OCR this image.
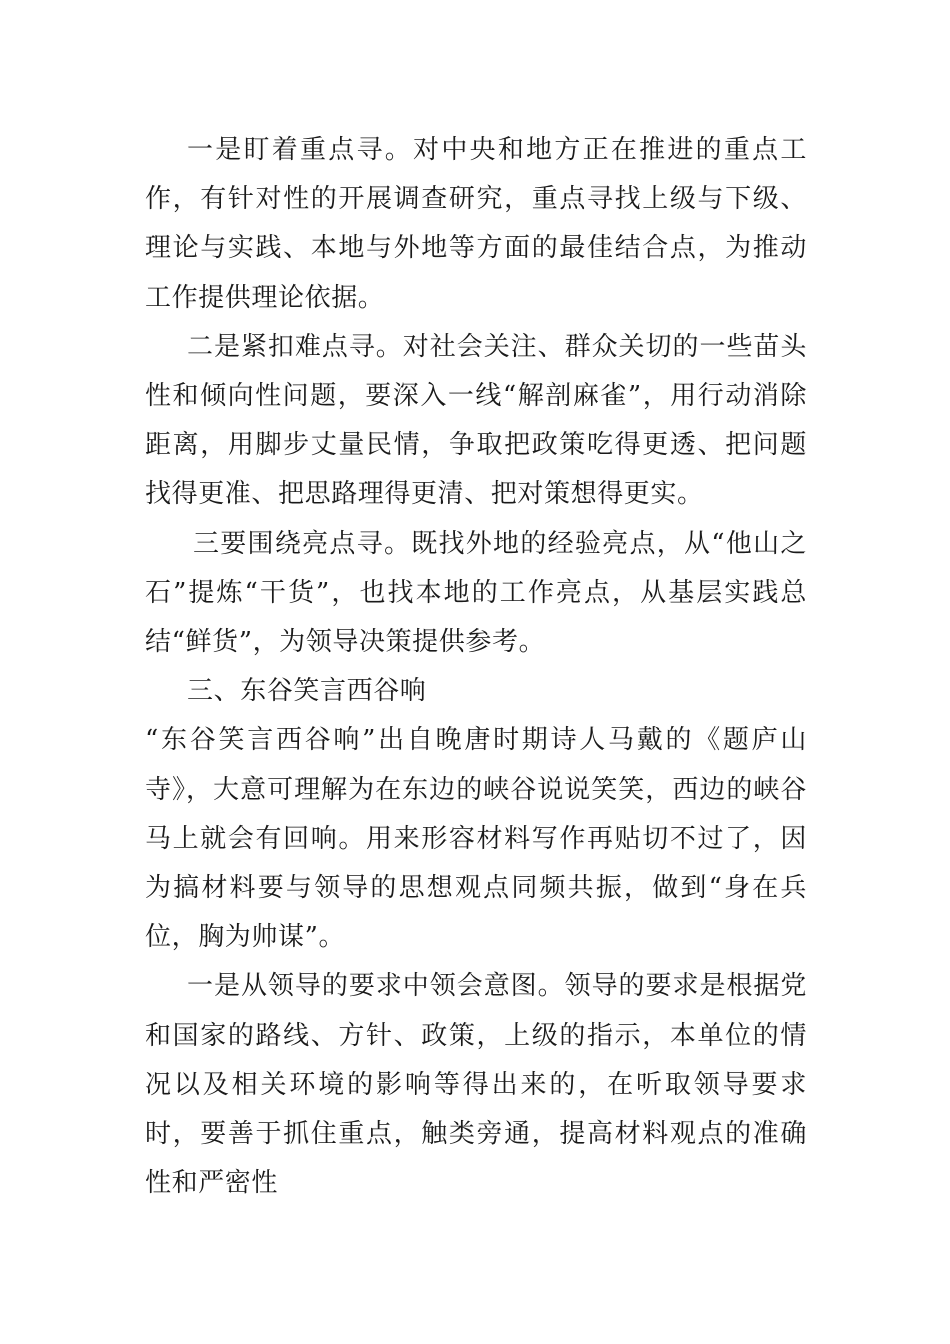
一是盯着重点寻。对中央和地方正在推进的重点工作，有针对性的开展调查研究，重点寻找上级与下级、理论与实践、本地与外地等方面的最佳结合点，为推动工作提供理论依据。

二是紧扣难点寻。对社会关注、群众关切的一些苗头性和倾向性问题，要深入一线“解剖麻雀”，用行动消除距离，用脚步丈量民情，争取把政策吃得更透、把问题找得更准、把思路理得更清、把对策想得更实。

三要围绕亮点寻。既找外地的经验亮点，从“他山之石”提炼“干货”，也找本地的工作亮点，从基层实践总结“鲜货”，为领导决策提供参考。

三、东谷笑言西谷响

“东谷笑言西谷响”出自晚唐时期诗人马戴的《题庐山寺》，大意可理解为在东边的峡谷说说笑笑，西边的峡谷马上就会有回响。用来形容材料写作再贴切不过了，因为搞材料要与领导的思想观点同频共振，做到“身在兵位，胸为帅谋”。

一是从领导的要求中领会意图。领导的要求是根据党和国家的路线、方针、政策，上级的指示，本单位的情况以及相关环境的影响等得出来的，在听取领导要求时，要善于抓住重点，触类旁通，提高材料观点的准确性和严密性
